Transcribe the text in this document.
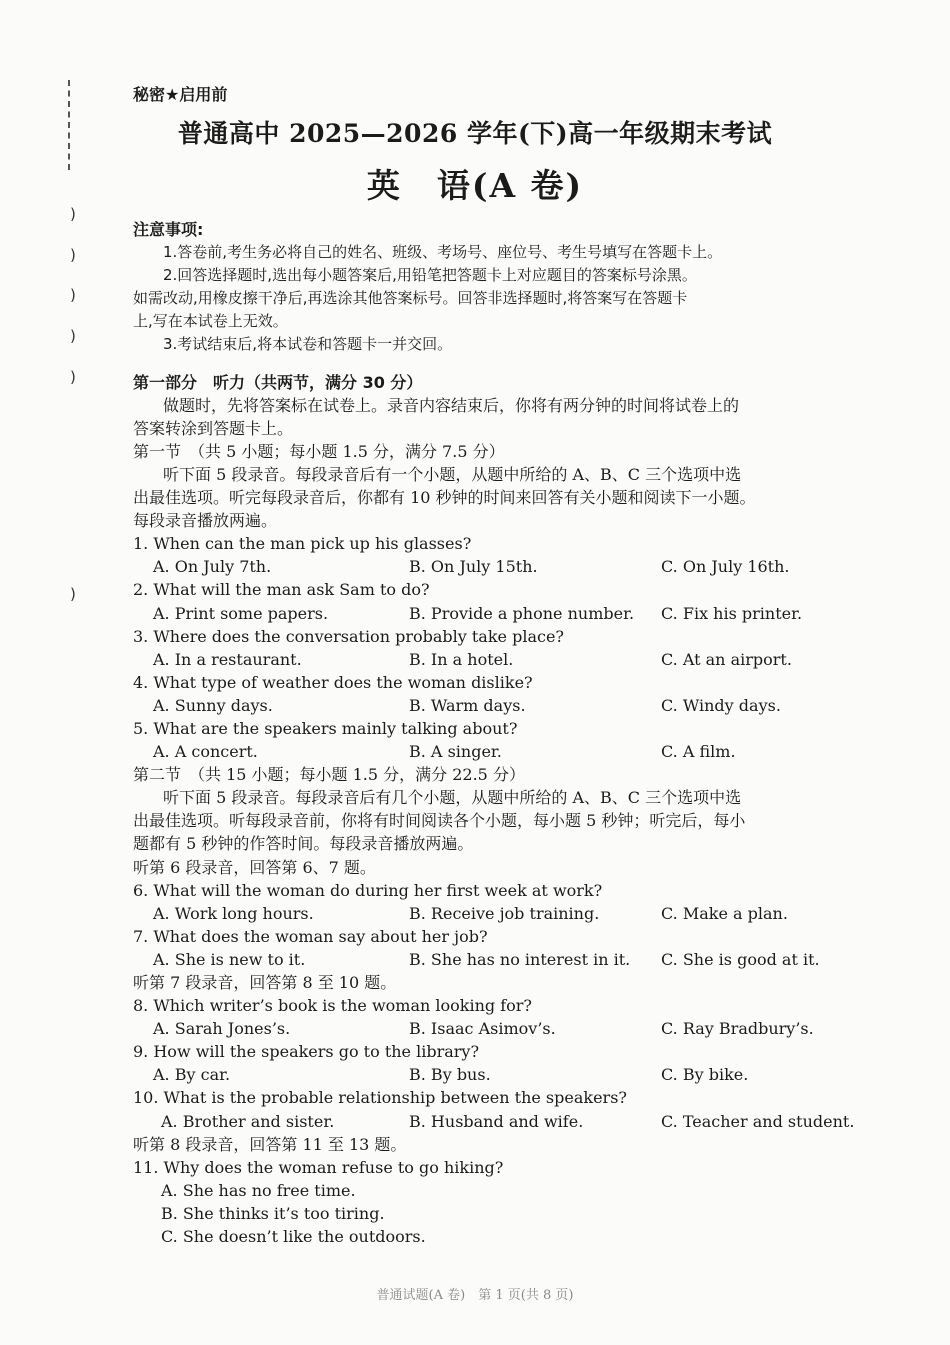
)
)
)
)
)
)
秘密★启用前
普通高中 2025—2026 学年(下)高一年级期末考试
英　语(A 卷)
注意事项:
1.答卷前,考生务必将自己的姓名、班级、考场号、座位号、考生号填写在答题卡上。
2.回答选择题时,选出每小题答案后,用铅笔把答题卡上对应题目的答案标号涂黑。
如需改动,用橡皮擦干净后,再选涂其他答案标号。回答非选择题时,将答案写在答题卡
上,写在本试卷上无效。
3.考试结束后,将本试卷和答题卡一并交回。
第一部分　听力（共两节，满分 30 分）
做题时，先将答案标在试卷上。录音内容结束后，你将有两分钟的时间将试卷上的
答案转涂到答题卡上。
第一节　（共 5 小题；每小题 1.5 分，满分 7.5 分）
听下面 5 段录音。每段录音后有一个小题，从题中所给的 A、B、C 三个选项中选
出最佳选项。听完每段录音后，你都有 10 秒钟的时间来回答有关小题和阅读下一小题。
每段录音播放两遍。
1. When can the man pick up his glasses?
A. On July 7th.	B. On July 15th.	C. On July 16th.
2. What will the man ask Sam to do?
A. Print some papers.	B. Provide a phone number. C. Fix his printer.
3. Where does the conversation probably take place?
A. In a restaurant.	B. In a hotel.	C. At an airport.
4. What type of weather does the woman dislike?
A. Sunny days.	B. Warm days.	C. Windy days.
5. What are the speakers mainly talking about?
A. A concert.	B. A singer.	C. A film.
第二节　（共 15 小题；每小题 1.5 分，满分 22.5 分）
听下面 5 段录音。每段录音后有几个小题，从题中所给的 A、B、C 三个选项中选
出最佳选项。听每段录音前，你将有时间阅读各个小题，每小题 5 秒钟；听完后，每小
题都有 5 秒钟的作答时间。每段录音播放两遍。
听第 6 段录音，回答第 6、7 题。
6. What will the woman do during her first week at work?
A. Work long hours.	B. Receive job training.	C. Make a plan.
7. What does the woman say about her job?
A. She is new to it.	B. She has no interest in it. C. She is good at it.
听第 7 段录音，回答第 8 至 10 题。
8. Which writer’s book is the woman looking for?
A. Sarah Jones’s.	B. Isaac Asimov’s.	C. Ray Bradbury’s.
9. How will the speakers go to the library?
A. By car.	B. By bus.	C. By bike.
10. What is the probable relationship between the speakers?
A. Brother and sister.	B. Husband and wife.	C. Teacher and student.
听第 8 段录音，回答第 11 至 13 题。
11. Why does the woman refuse to go hiking?
A. She has no free time.
B. She thinks it’s too tiring.
C. She doesn’t like the outdoors.
普通试题(A 卷)　第 1 页(共 8 页)
